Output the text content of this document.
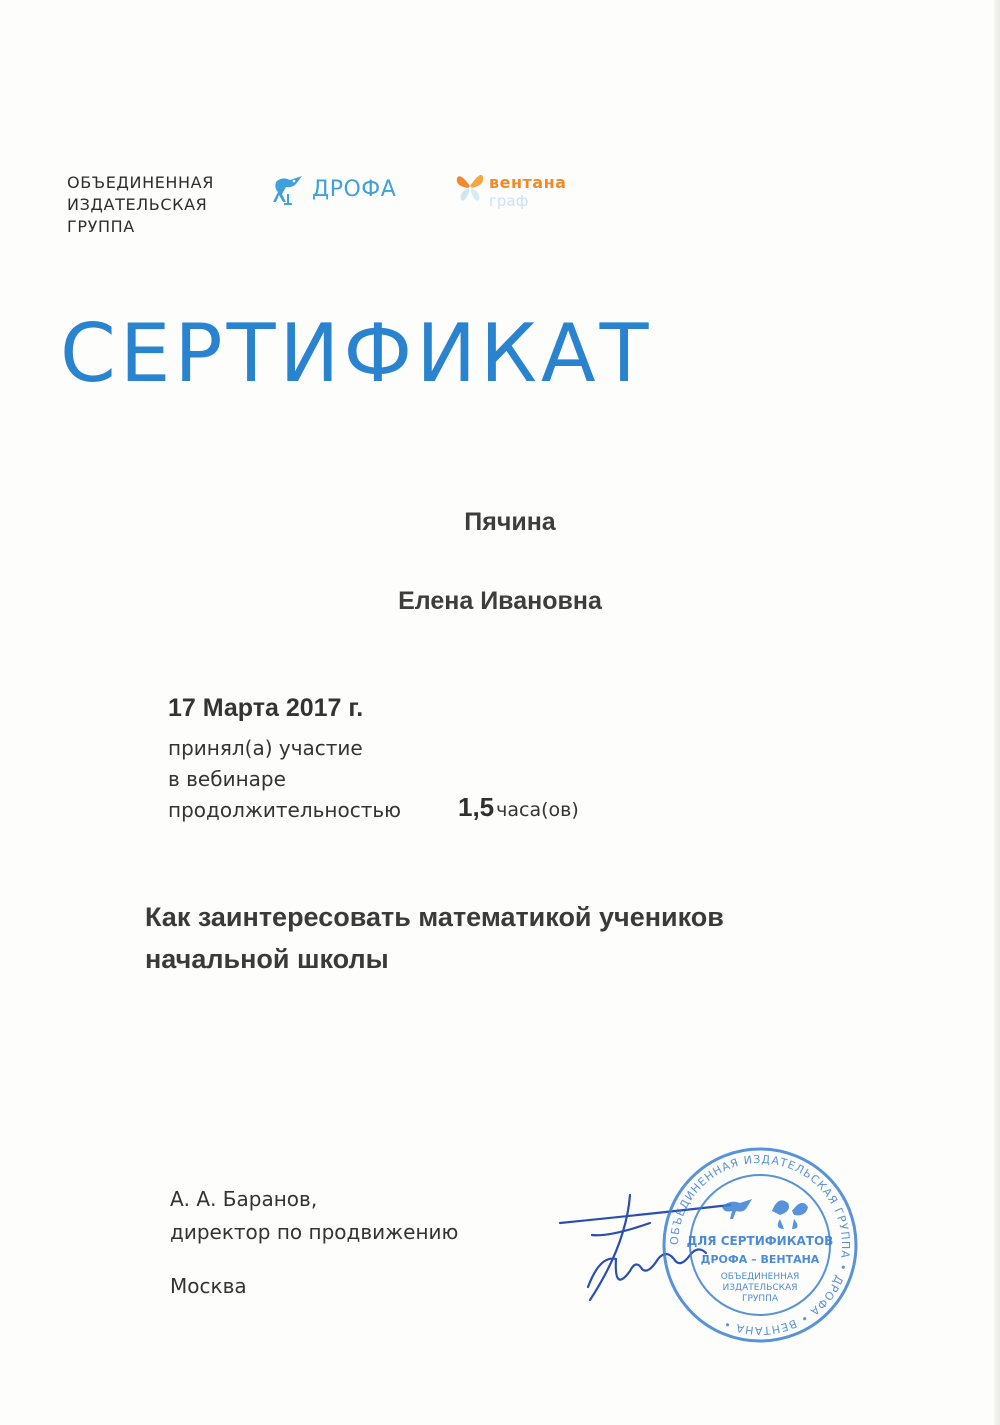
ОБЪЕДИНЕННАЯ
ИЗДАТЕЛЬСКАЯ
ГРУППА
ДРОФА	вентана
граф
СЕРТИФИКАТ
Пячина
Елена Ивановна
17 Марта 2017 г.
принял(а) участие
в вебинаре
продолжительностью 1,5 часа(ов)
Как заинтересовать математикой учеников
начальной школы
А. А. Баранов,
директор по продвижению
Москва
ОБЪЕДИНЕННАЯ ИЗДАТЕЛЬСКАЯ ГРУППА • ДРОФА • ВЕНТАНА •
ДЛЯ СЕРТИФИКАТОВ
ДРОФА – ВЕНТАНА
ОБЪЕДИНЕННАЯ
ИЗДАТЕЛЬСКАЯ
ГРУППА
